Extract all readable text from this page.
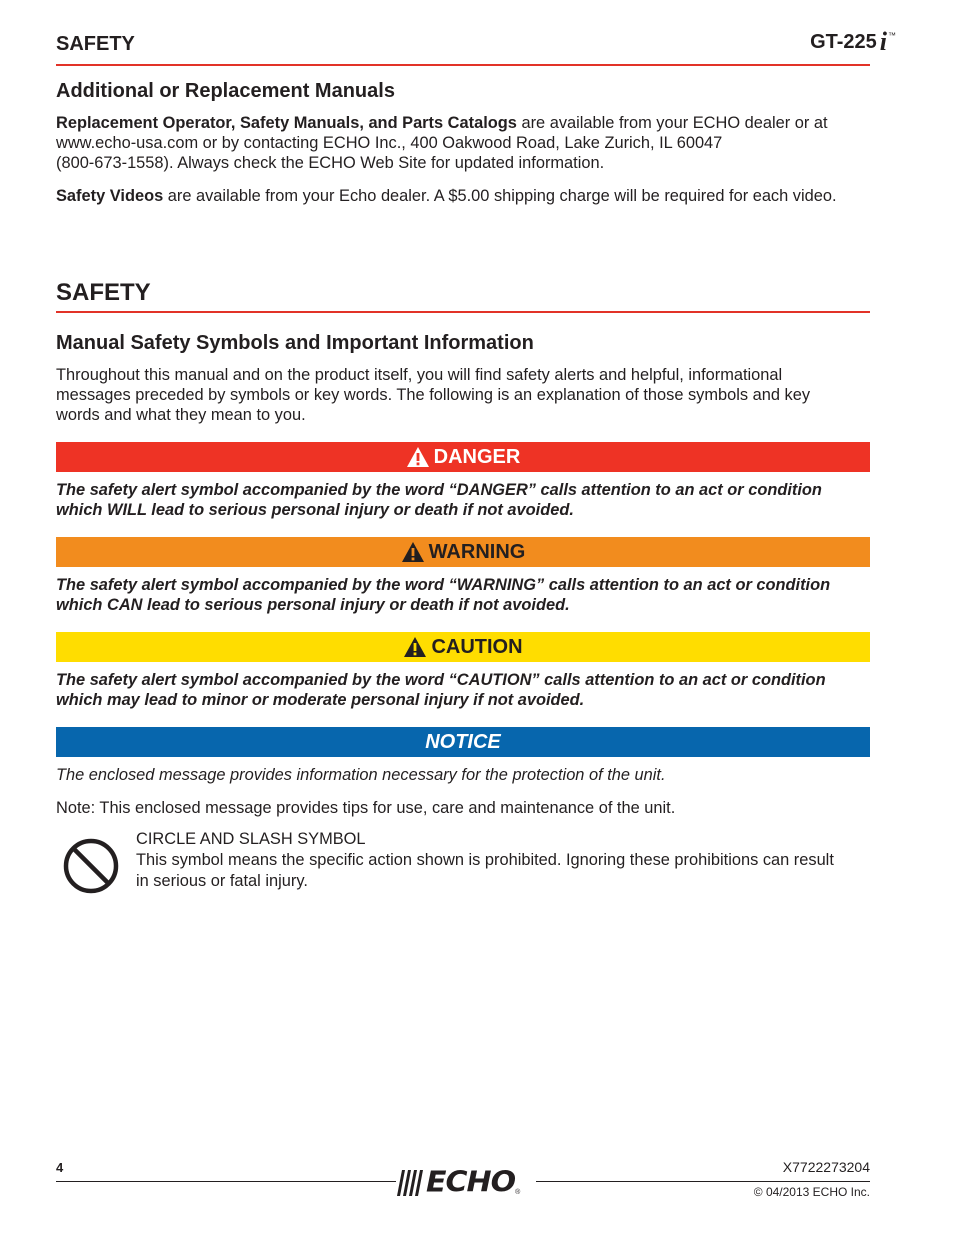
SAFETY	GT-225 i ™
Additional or Replacement Manuals
Replacement Operator, Safety Manuals, and Parts Catalogs are available from your ECHO dealer or at
www.echo-usa.com or by contacting ECHO Inc., 400 Oakwood Road, Lake Zurich, IL 60047
(800-673-1558). Always check the ECHO Web Site for updated information.
Safety Videos are available from your Echo dealer. A $5.00 shipping charge will be required for each video.
SAFETY
Manual Safety Symbols and Important Information
Throughout this manual and on the product itself, you will find safety alerts and helpful, informational
messages preceded by symbols or key words. The following is an explanation of those symbols and key
words and what they mean to you.
DANGER
The safety alert symbol accompanied by the word “DANGER” calls attention to an act or condition
which WILL lead to serious personal injury or death if not avoided.
WARNING
The safety alert symbol accompanied by the word “WARNING” calls attention to an act or condition
which CAN lead to serious personal injury or death if not avoided.
CAUTION
The safety alert symbol accompanied by the word “CAUTION” calls attention to an act or condition
which may lead to minor or moderate personal injury if not avoided.
NOTICE
The enclosed message provides information necessary for the protection of the unit.
Note: This enclosed message provides tips for use, care and maintenance of the unit.
CIRCLE AND SLASH SYMBOL
This symbol means the specific action shown is prohibited. Ignoring these prohibitions can result
in serious or fatal injury.
4	X7722273204
ECHO ®	© 04/2013 ECHO Inc.
